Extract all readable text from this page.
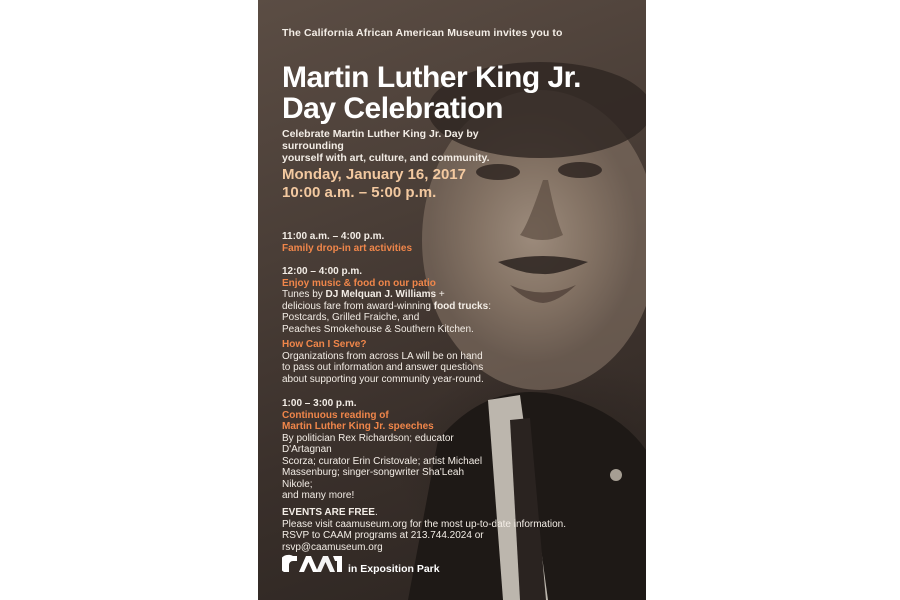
The California African American Museum invites you to
Martin Luther King Jr.
Day Celebration
Celebrate Martin Luther King Jr. Day by surrounding
yourself with art, culture, and community.
Monday, January 16, 2017
10:00 a.m. – 5:00 p.m.
11:00 a.m. – 4:00 p.m.
Family drop-in art activities
12:00 – 4:00 p.m.
Enjoy music & food on our patio
Tunes by DJ Melquan J. Williams +
delicious fare from award-winning food trucks:
Postcards, Grilled Fraiche, and
Peaches Smokehouse & Southern Kitchen.
How Can I Serve?
Organizations from across LA will be on hand
to pass out information and answer questions
about supporting your community year-round.
1:00 – 3:00 p.m.
Continuous reading of
Martin Luther King Jr. speeches
By politician Rex Richardson; educator D'Artagnan
Scorza; curator Erin Cristovale; artist Michael
Massenburg; singer-songwriter Sha'Leah Nikole;
and many more!
EVENTS ARE FREE.
Please visit caamuseum.org for the most up-to-date information.
RSVP to CAAM programs at 213.744.2024 or rsvp@caamuseum.org
in Exposition Park
